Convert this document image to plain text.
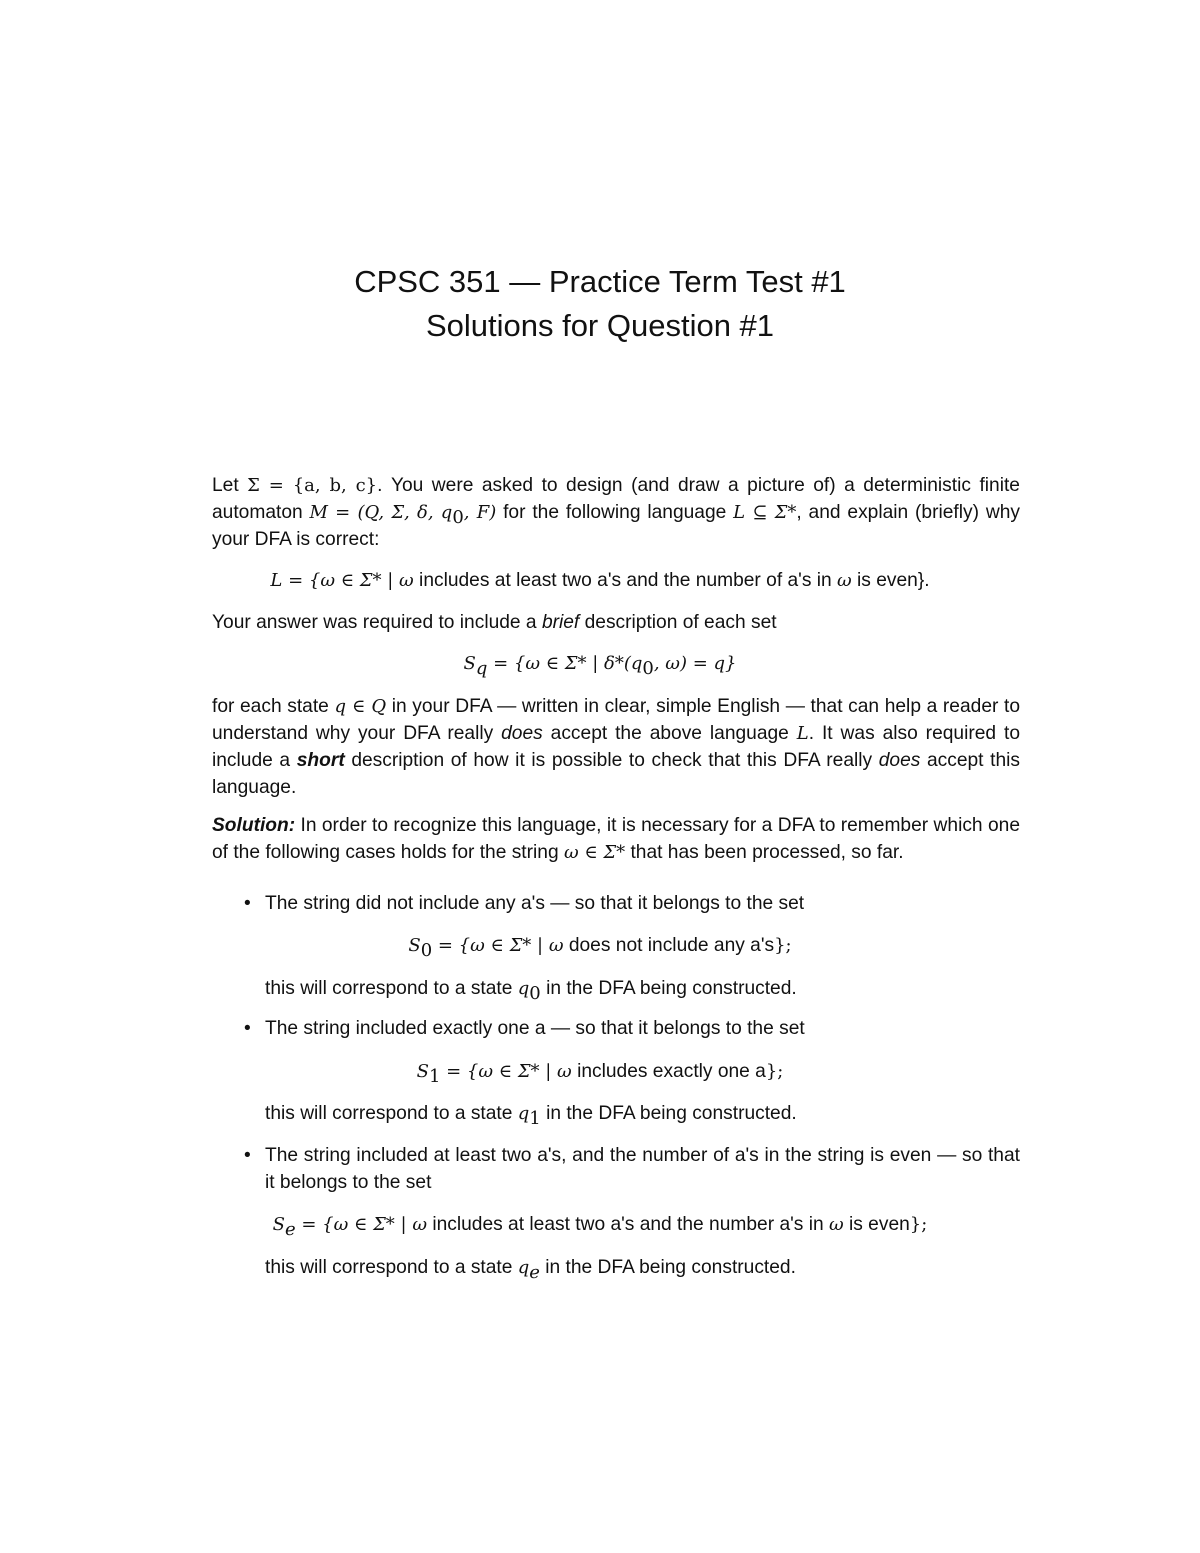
CPSC 351 — Practice Term Test #1
Solutions for Question #1
Let Σ = {a, b, c}. You were asked to design (and draw a picture of) a deterministic finite automaton M = (Q, Σ, δ, $q_0$, F) for the following language L ⊆ Σ*, and explain (briefly) why your DFA is correct:
L = {ω ∈ Σ* | ω includes at least two a's and the number of a's in ω is even}.
Your answer was required to include a brief description of each set
$S_q = \{\omega$ ∈ Σ* | $\delta*(q_0$, ω) = q}
for each state q ∈ Q in your DFA — written in clear, simple English — that can help a reader to understand why your DFA really does accept the above language L. It was also required to include a short description of how it is possible to check that this DFA really does accept this language.
Solution: In order to recognize this language, it is necessary for a DFA to remember which one of the following cases holds for the string ω ∈ Σ* that has been processed, so far.
• The string did not include any a's — so that it belongs to the set
$S_0 = \{\omega$ ∈ Σ* | ω does not include any a's};
this will correspond to a state $q_0$ in the DFA being constructed.
• The string included exactly one a — so that it belongs to the set
$S_1 = \{\omega$ ∈ Σ* | ω includes exactly one a};
this will correspond to a state $q_1$ in the DFA being constructed.
• The string included at least two a's, and the number of a's in the string is even — so that it belongs to the set
$S_e = \{\omega$ ∈ Σ* | ω includes at least two a's and the number a's in ω is even};
this will correspond to a state $q_e$ in the DFA being constructed.
